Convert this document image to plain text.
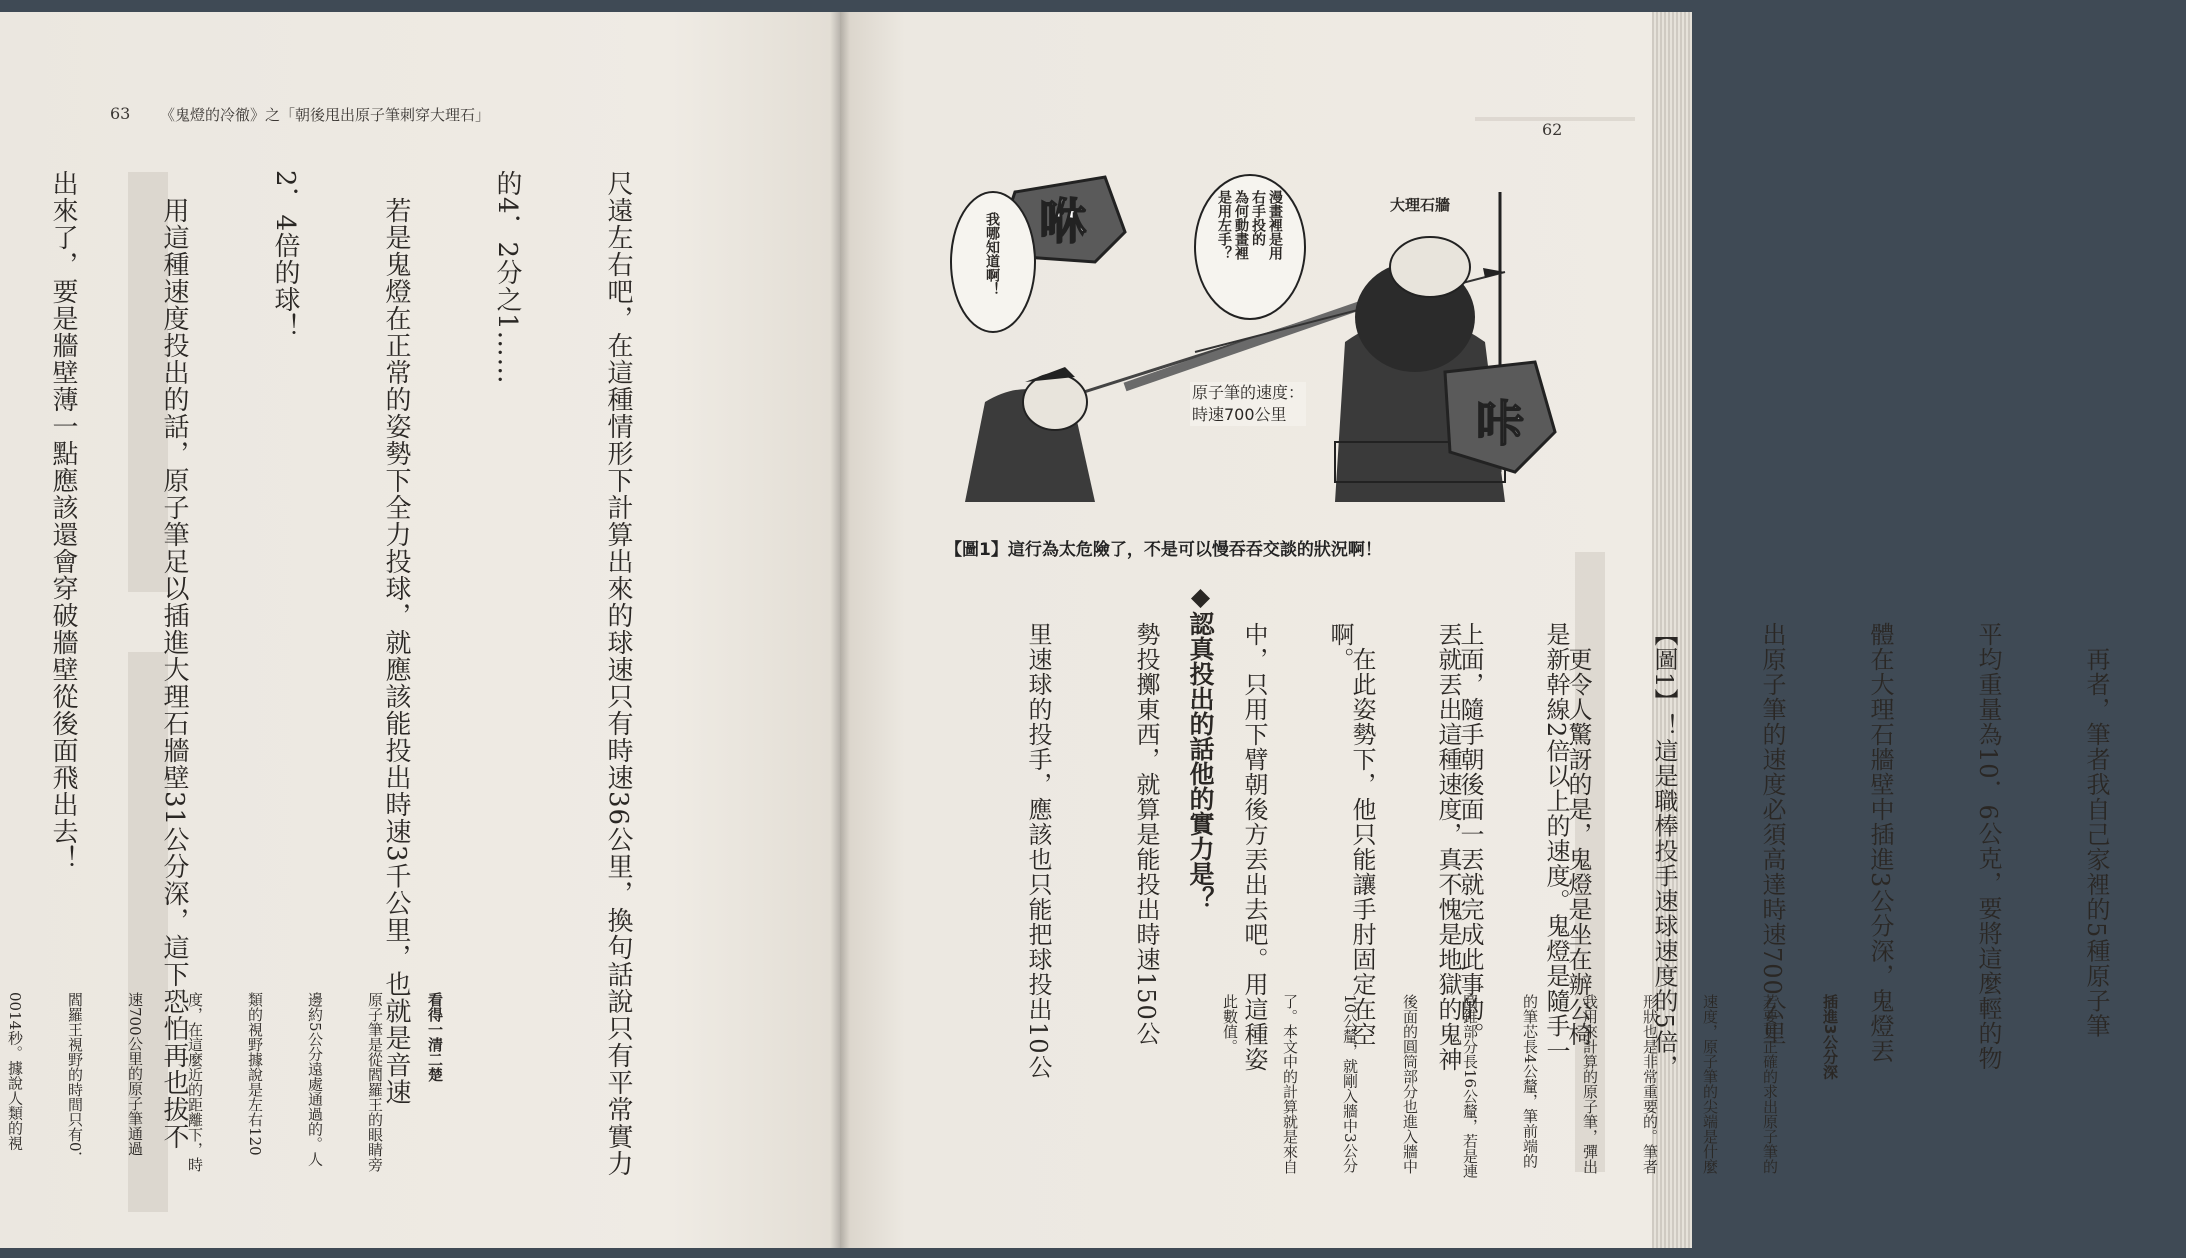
63 《鬼燈的冷徹》之「朝後甩出原子筆刺穿大理石」

尺遠左右吧，在這種情形下計算出來的球速只有時速36公里，換句話說只有平常實力

的4．2分之1……

　若是鬼燈在正常的姿勢下全力投球，就應該能投出時速3千公里，也就是音速

2．4倍的球！

　用這種速度投出的話，原子筆足以插進大理石牆壁31公分深，這下恐怕再也拔不

出來了，要是牆壁薄一點應該還會穿破牆壁從後面飛出去！

看得一清二楚

原子筆是從閻羅王的眼睛旁

邊約5公分遠處通過的。人

類的視野據說是左右120

度，在這麼近的距離下，時

速700公里的原子筆通過

閻羅王視野的時間只有0．

0014秒。據說人類的視

62
咻
咔
我哪知道啊！	漫畫裡是用
右手投的
為何動畫裡
是用左手？	大理石牆
原子筆的速度：
時速700公里
【圖1】這行為太危險了，不是可以慢吞吞交談的狀況啊！

　再者，筆者我自己家裡的5種原子筆

平均重量為10．6公克，要將這麼輕的物

體在大理石牆壁中插進3公分深，鬼燈丟

出原子筆的速度必須高達時速700公里

【圖1】！這是職棒投手速球速度的5倍，

是新幹線2倍以上的速度。鬼燈是隨手一

丟就丟出這種速度，真不愧是地獄的鬼神

啊。

◆認真投出的話他的實力是？

	　更令人驚訝的是，鬼燈是坐在辦公椅

上面，隨手朝後面一丟就完成此事的。

　在此姿勢下，他只能讓手肘固定在空

中，只用下臂朝後方丟出去吧。用這種姿

勢投擲東西，就算是能投出時速150公

里速球的投手，應該也只能把球投出10公

	插進3公分深

若要更正確的求出原子筆的

速度，原子筆的尖端是什麼

形狀也是非常重要的。筆者

我用來計算的原子筆，彈出

的筆芯長4公釐，筆前端的

圓錐部分長16公釐，若是連

後面的圓筒部分也進入牆中

10公釐，就剛入牆中3公分

了。本文中的計算就是來自

此數值。
